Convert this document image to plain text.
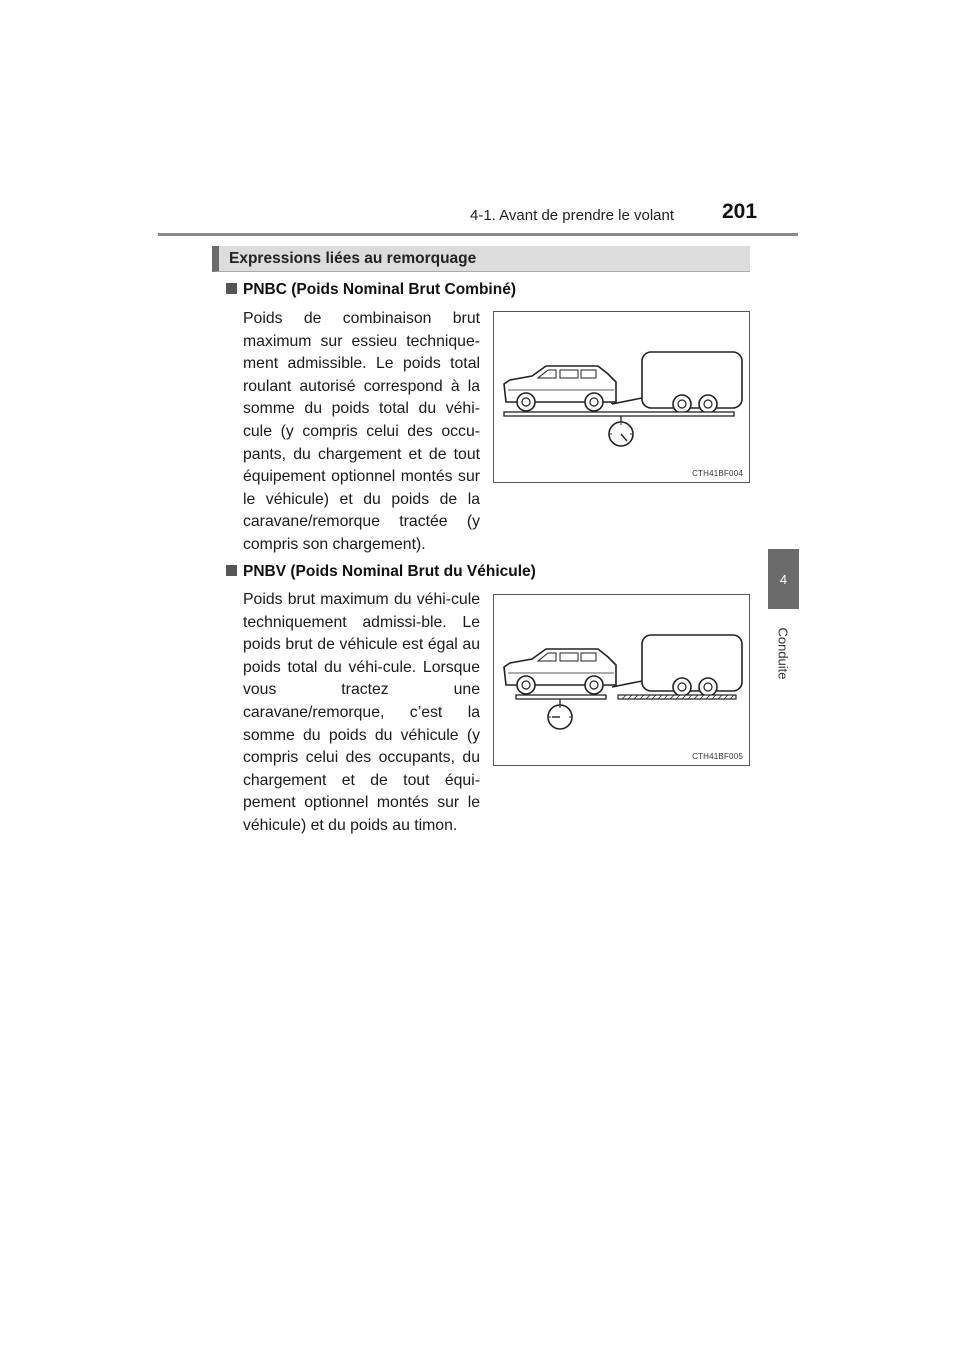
4-1. Avant de prendre le volant 201
4
Conduite
Expressions liées au remorquage
PNBC (Poids Nominal Brut Combiné)
Poids de combinaison brut maximum sur essieu technique-ment admissible. Le poids total roulant autorisé correspond à la somme du poids total du véhi-cule (y compris celui des occu-pants, du chargement et de tout équipement optionnel montés sur le véhicule) et du poids de la caravane/remorque tractée (y compris son chargement).
CTH41BF004
PNBV (Poids Nominal Brut du Véhicule)
Poids brut maximum du véhi-cule techniquement admissi-ble. Le poids brut de véhicule est égal au poids total du véhi-cule. Lorsque vous tractez une caravane/remorque, c’est la somme du poids du véhicule (y compris celui des occupants, du chargement et de tout équi-pement optionnel montés sur le véhicule) et du poids au timon.
CTH41BF005
